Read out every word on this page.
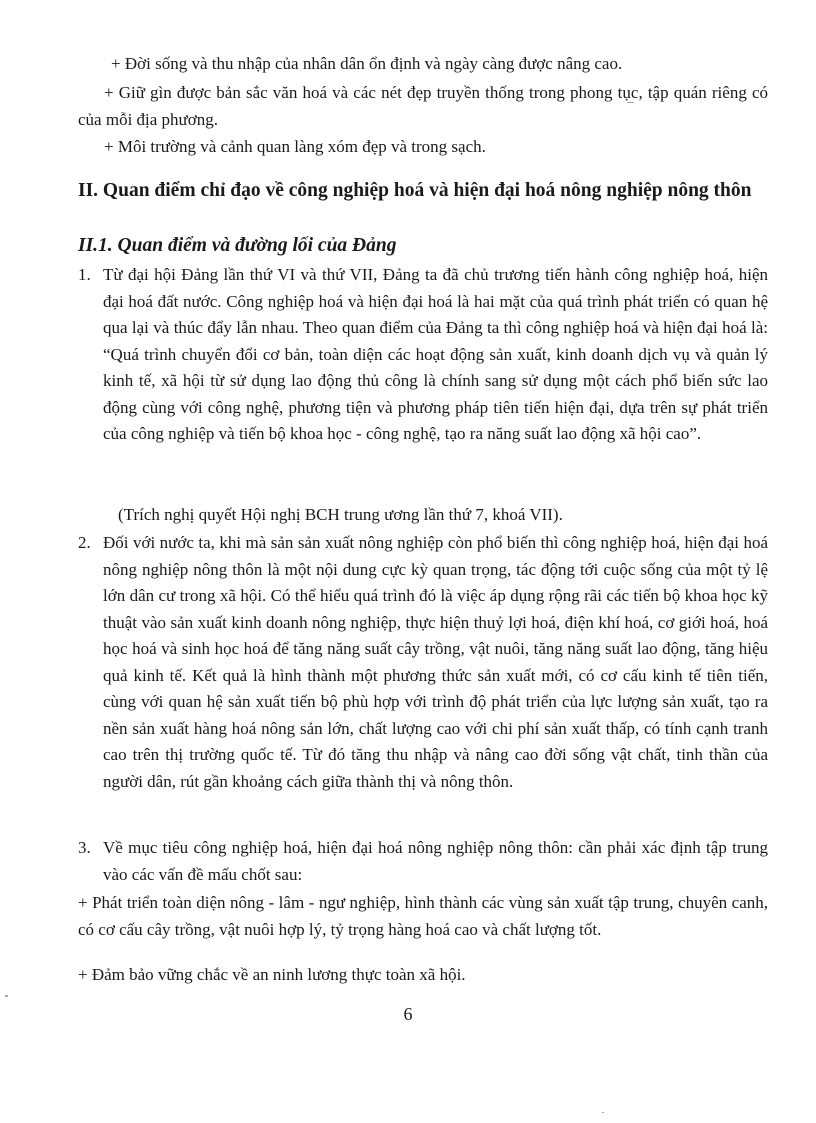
+ Đời sống và thu nhập của nhân dân ổn định và ngày càng được nâng cao.
+ Giữ gìn được bản sắc văn hoá và các nét đẹp truyền thống trong phong tục, tập quán riêng có của mỗi địa phương.
+ Môi trường và cảnh quan làng xóm đẹp và trong sạch.
II. Quan điểm chỉ đạo về công nghiệp hoá và hiện đại hoá nông nghiệp nông thôn
II.1. Quan điểm và đường lối của Đảng
1. Từ đại hội Đảng lần thứ VI và thứ VII, Đảng ta đã chủ trương tiến hành công nghiệp hoá, hiện đại hoá đất nước. Công nghiệp hoá và hiện đại hoá là hai mặt của quá trình phát triển có quan hệ qua lại và thúc đẩy lẫn nhau. Theo quan điểm của Đảng ta thì công nghiệp hoá và hiện đại hoá là: “Quá trình chuyển đổi cơ bản, toàn diện các hoạt động sản xuất, kinh doanh dịch vụ và quản lý kinh tế, xã hội từ sử dụng lao động thủ công là chính sang sử dụng một cách phổ biến sức lao động cùng với công nghệ, phương tiện và phương pháp tiên tiến hiện đại, dựa trên sự phát triển của công nghiệp và tiến bộ khoa học - công nghệ, tạo ra năng suất lao động xã hội cao”.
(Trích nghị quyết Hội nghị BCH trung ương lần thứ 7, khoá VII).
2. Đối với nước ta, khi mà sản sản xuất nông nghiệp còn phổ biến thì công nghiệp hoá, hiện đại hoá nông nghiệp nông thôn là một nội dung cực kỳ quan trọng, tác động tới cuộc sống của một tỷ lệ lớn dân cư trong xã hội. Có thể hiểu quá trình đó là việc áp dụng rộng rãi các tiến bộ khoa học kỹ thuật vào sản xuất kinh doanh nông nghiệp, thực hiện thuỷ lợi hoá, điện khí hoá, cơ giới hoá, hoá học hoá và sinh học hoá để tăng năng suất cây trồng, vật nuôi, tăng năng suất lao động, tăng hiệu quả kinh tế. Kết quả là hình thành một phương thức sản xuất mới, có cơ cấu kinh tế tiên tiến, cùng với quan hệ sản xuất tiến bộ phù hợp với trình độ phát triển của lực lượng sản xuất, tạo ra nền sản xuất hàng hoá nông sản lớn, chất lượng cao với chi phí sản xuất thấp, có tính cạnh tranh cao trên thị trường quốc tế. Từ đó tăng thu nhập và nâng cao đời sống vật chất, tinh thần của người dân, rút gần khoảng cách giữa thành thị và nông thôn.
3. Về mục tiêu công nghiệp hoá, hiện đại hoá nông nghiệp nông thôn: cần phải xác định tập trung vào các vấn đề mấu chốt sau:
+ Phát triển toàn diện nông - lâm - ngư nghiệp, hình thành các vùng sản xuất tập trung, chuyên canh, có cơ cấu cây trồng, vật nuôi hợp lý, tỷ trọng hàng hoá cao và chất lượng tốt.
+ Đảm bảo vững chắc về an ninh lương thực toàn xã hội.
6
